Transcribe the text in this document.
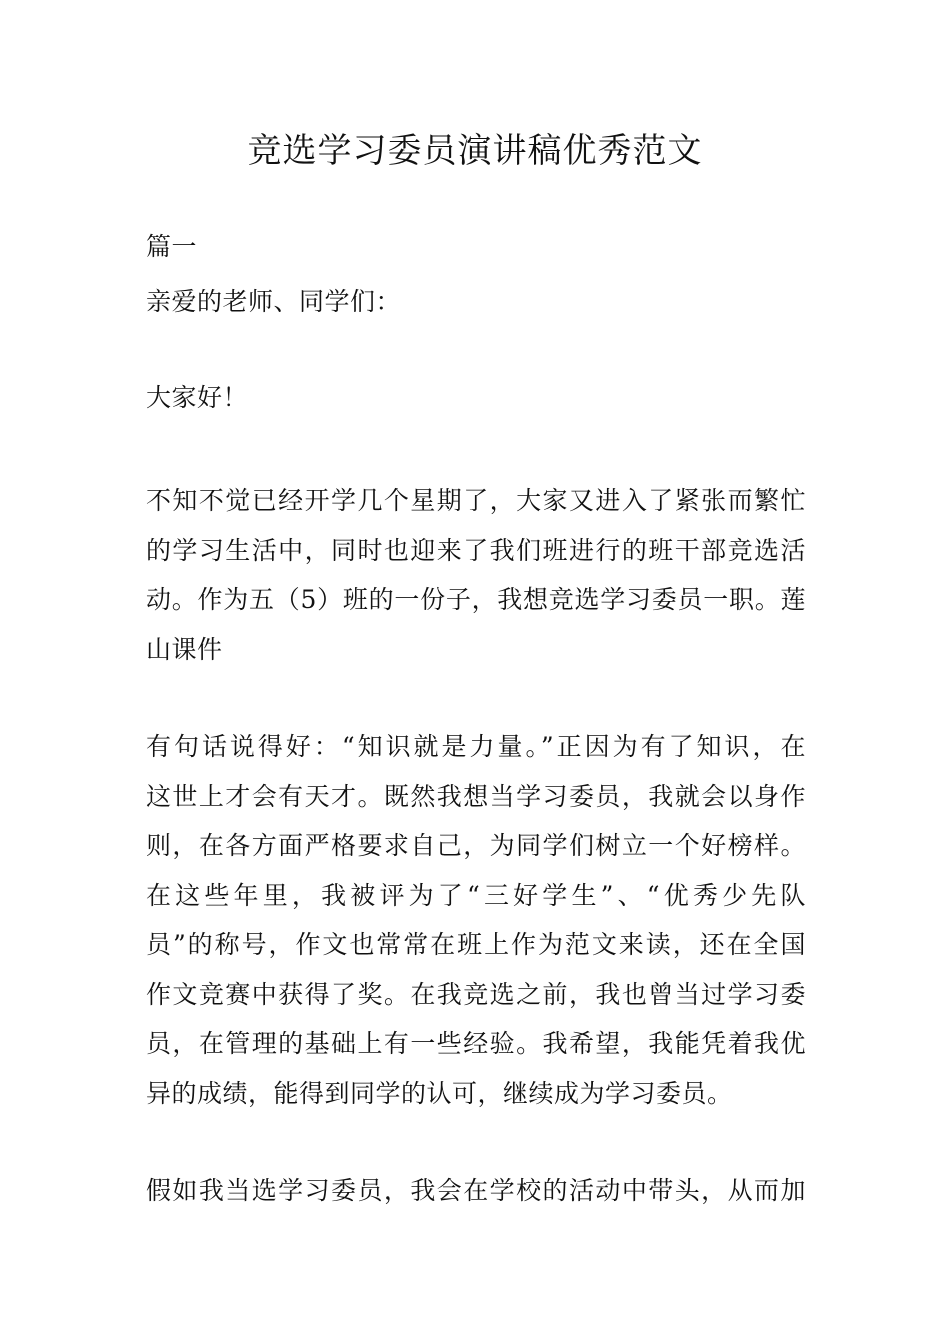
竞选学习委员演讲稿优秀范文
篇一
亲爱的老师、同学们：
大家好！
不知不觉已经开学几个星期了，大家又进入了紧张而繁忙
的学习生活中，同时也迎来了我们班进行的班干部竞选活
动。作为五（5）班的一份子，我想竞选学习委员一职。莲
山课件
有句话说得好：“知识就是力量。”正因为有了知识，在
这世上才会有天才。既然我想当学习委员，我就会以身作
则，在各方面严格要求自己，为同学们树立一个好榜样。
在这些年里，我被评为了“三好学生”、“优秀少先队
员”的称号，作文也常常在班上作为范文来读，还在全国
作文竞赛中获得了奖。在我竞选之前，我也曾当过学习委
员，在管理的基础上有一些经验。我希望，我能凭着我优
异的成绩，能得到同学的认可，继续成为学习委员。
假如我当选学习委员，我会在学校的活动中带头，从而加
